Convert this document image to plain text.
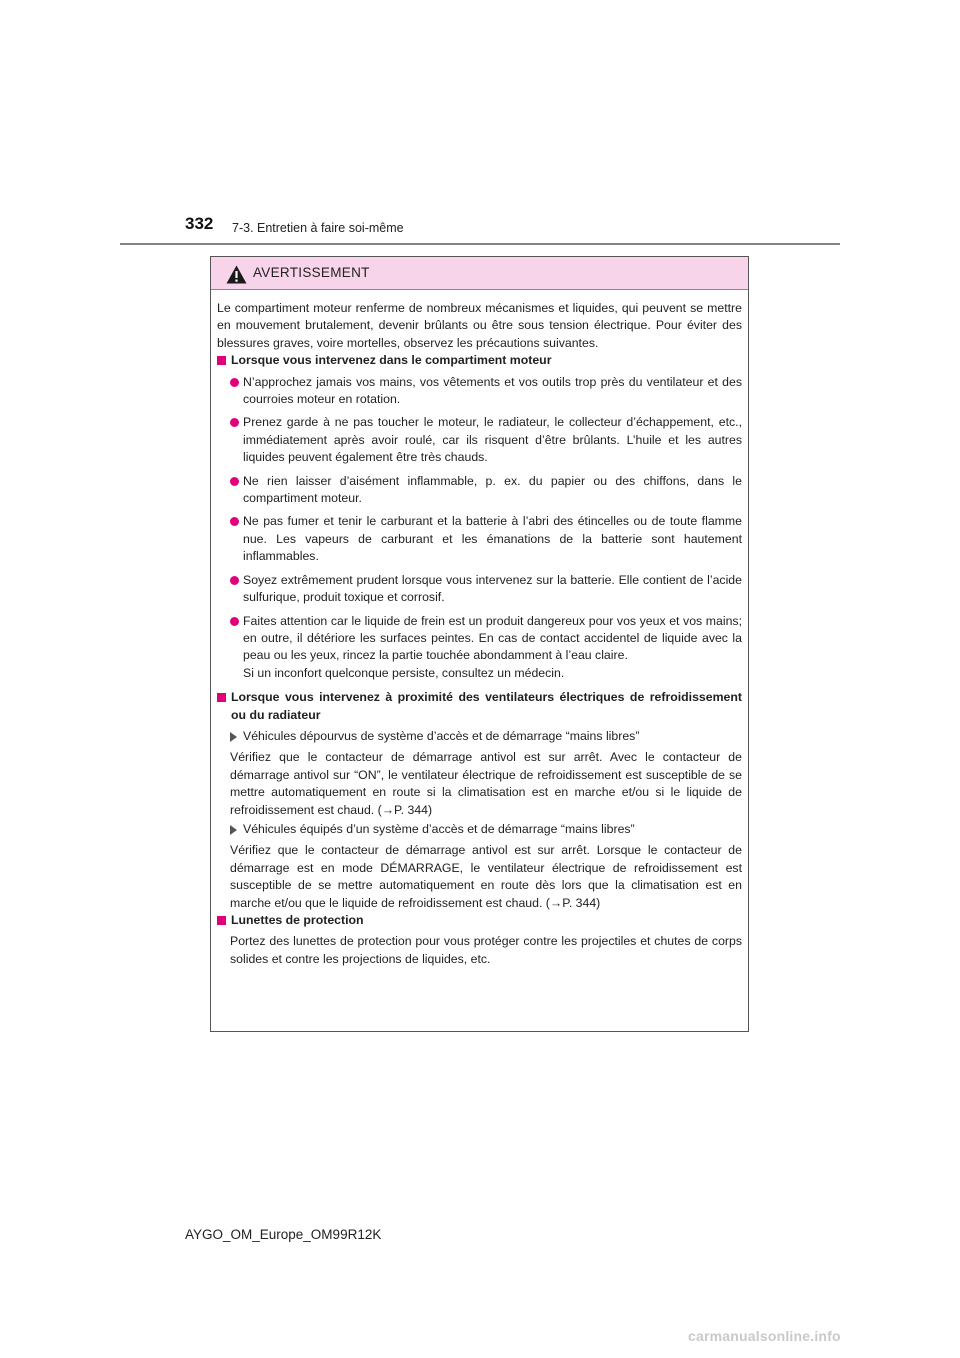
332 7-3. Entretien à faire soi-même
AVERTISSEMENT

Le compartiment moteur renferme de nombreux mécanismes et liquides, qui peuvent se mettre en mouvement brutalement, devenir brûlants ou être sous tension électrique. Pour éviter des blessures graves, voire mortelles, observez les précautions suivantes.

Lorsque vous intervenez dans le compartiment moteur

N’approchez jamais vos mains, vos vêtements et vos outils trop près du ventilateur et des courroies moteur en rotation.

Prenez garde à ne pas toucher le moteur, le radiateur, le collecteur d’échappement, etc., immédiatement après avoir roulé, car ils risquent d’être brûlants. L’huile et les autres liquides peuvent également être très chauds.

Ne rien laisser d’aisément inflammable, p. ex. du papier ou des chiffons, dans le compartiment moteur.

Ne pas fumer et tenir le carburant et la batterie à l’abri des étincelles ou de toute flamme nue. Les vapeurs de carburant et les émanations de la batterie sont hautement inflammables.

Soyez extrêmement prudent lorsque vous intervenez sur la batterie. Elle contient de l’acide sulfurique, produit toxique et corrosif.

Faites attention car le liquide de frein est un produit dangereux pour vos yeux et vos mains; en outre, il détériore les surfaces peintes. En cas de contact accidentel de liquide avec la peau ou les yeux, rincez la partie touchée abondamment à l’eau claire.

Si un inconfort quelconque persiste, consultez un médecin.

Lorsque vous intervenez à proximité des ventilateurs électriques de refroidissement ou du radiateur

Véhicules dépourvus de système d’accès et de démarrage “mains libres”

Vérifiez que le contacteur de démarrage antivol est sur arrêt. Avec le contacteur de démarrage antivol sur “ON”, le ventilateur électrique de refroidissement est susceptible de se mettre automatiquement en route si la climatisation est en marche et/ou si le liquide de refroidissement est chaud. (→P. 344)

Véhicules équipés d’un système d’accès et de démarrage “mains libres”

Vérifiez que le contacteur de démarrage antivol est sur arrêt. Lorsque le contacteur de démarrage est en mode DÉMARRAGE, le ventilateur électrique de refroidissement est susceptible de se mettre automatiquement en route dès lors que la climatisation est en marche et/ou que le liquide de refroidissement est chaud. (→P. 344)

Lunettes de protection

Portez des lunettes de protection pour vous protéger contre les projectiles et chutes de corps solides et contre les projections de liquides, etc.

AYGO_OM_Europe_OM99R12K
carmanualsonline.info
